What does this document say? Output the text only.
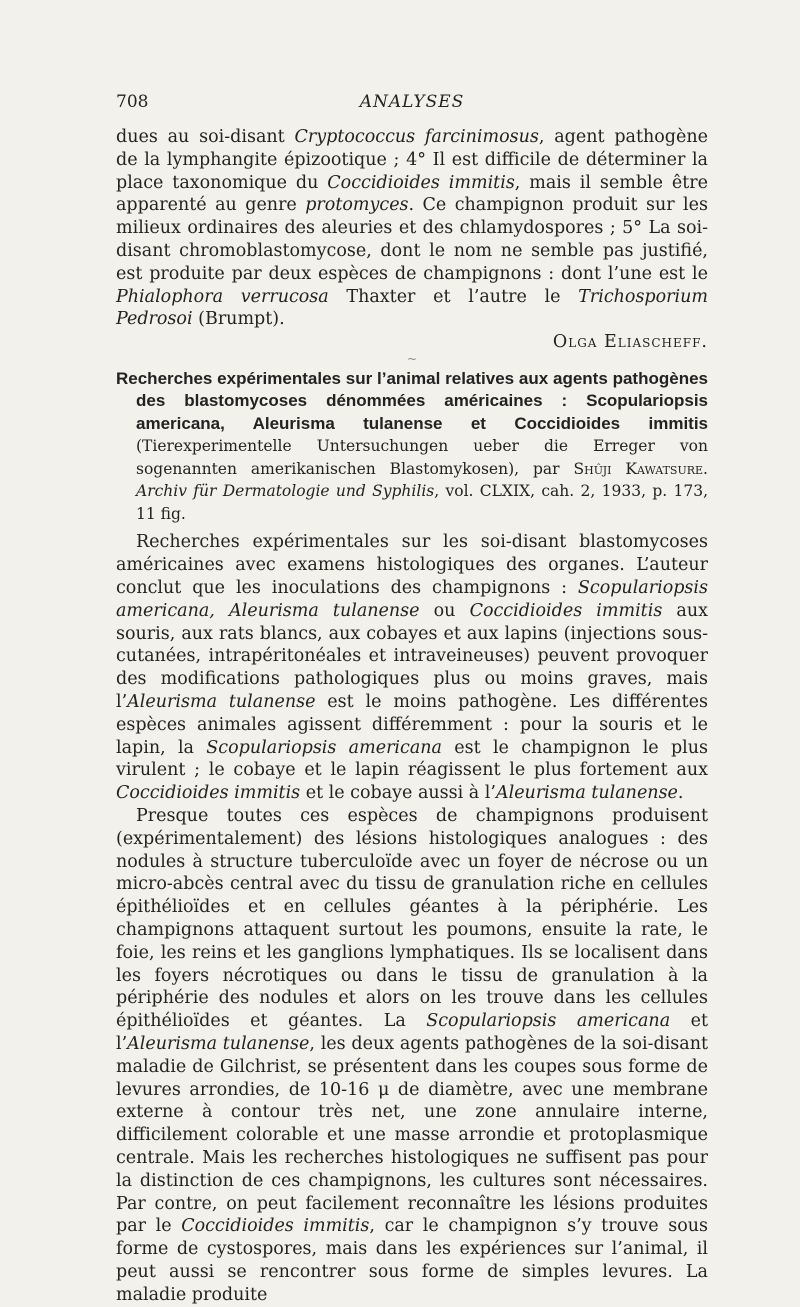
708	ANALYSES

dues au soi-disant Cryptococcus farcinimosus, agent pathogène de la lymphangite épizootique ; 4° Il est difficile de déterminer la place taxonomique du Coccidioides immitis, mais il semble être apparenté au genre protomyces. Ce champignon produit sur les milieux ordinaires des aleuries et des chlamydospores ; 5° La soi-disant chromoblastomycose, dont le nom ne semble pas justifié, est produite par deux espèces de champignons : dont l’une est le Phialophora verrucosa Thaxter et l’autre le Trichosporium Pedrosoi (Brumpt).

Olga Eliascheff.

~

Recherches expérimentales sur l’animal relatives aux agents pathogènes des blastomycoses dénommées américaines : Scopulariopsis americana, Aleurisma tulanense et Coccidioides immitis (Tierexperimentelle Untersuchungen ueber die Erreger von sogenannten amerikanischen Blastomykosen), par Shûji Kawatsure. Archiv für Dermatologie und Syphilis, vol. CLXIX, cah. 2, 1933, p. 173, 11 fig.

Recherches expérimentales sur les soi-disant blastomycoses américaines avec examens histologiques des organes. L’auteur conclut que les inoculations des champignons : Scopulariopsis americana, Aleurisma tulanense ou Coccidioides immitis aux souris, aux rats blancs, aux cobayes et aux lapins (injections sous-cutanées, intrapéritonéales et intraveineuses) peuvent provoquer des modifications pathologiques plus ou moins graves, mais l’Aleurisma tulanense est le moins pathogène. Les différentes espèces animales agissent différemment : pour la souris et le lapin, la Scopulariopsis americana est le champignon le plus virulent ; le cobaye et le lapin réagissent le plus fortement aux Coccidioides immitis et le cobaye aussi à l’Aleurisma tulanense.

Presque toutes ces espèces de champignons produisent (expérimentalement) des lésions histologiques analogues : des nodules à structure tuberculoïde avec un foyer de nécrose ou un micro-abcès central avec du tissu de granulation riche en cellules épithélioïdes et en cellules géantes à la périphérie. Les champignons attaquent surtout les poumons, ensuite la rate, le foie, les reins et les ganglions lymphatiques. Ils se localisent dans les foyers nécrotiques ou dans le tissu de granulation à la périphérie des nodules et alors on les trouve dans les cellules épithélioïdes et géantes. La Scopulariopsis americana et l’Aleurisma tulanense, les deux agents pathogènes de la soi-disant maladie de Gilchrist, se présentent dans les coupes sous forme de levures arrondies, de 10-16 μ de diamètre, avec une membrane externe à contour très net, une zone annulaire interne, difficilement colorable et une masse arrondie et protoplasmique centrale. Mais les recherches histologiques ne suffisent pas pour la distinction de ces champignons, les cultures sont nécessaires. Par contre, on peut facilement reconnaître les lésions produites par le Coccidioides immitis, car le champignon s’y trouve sous forme de cystospores, mais dans les expériences sur l’animal, il peut aussi se rencontrer sous forme de simples levures. La maladie produite
